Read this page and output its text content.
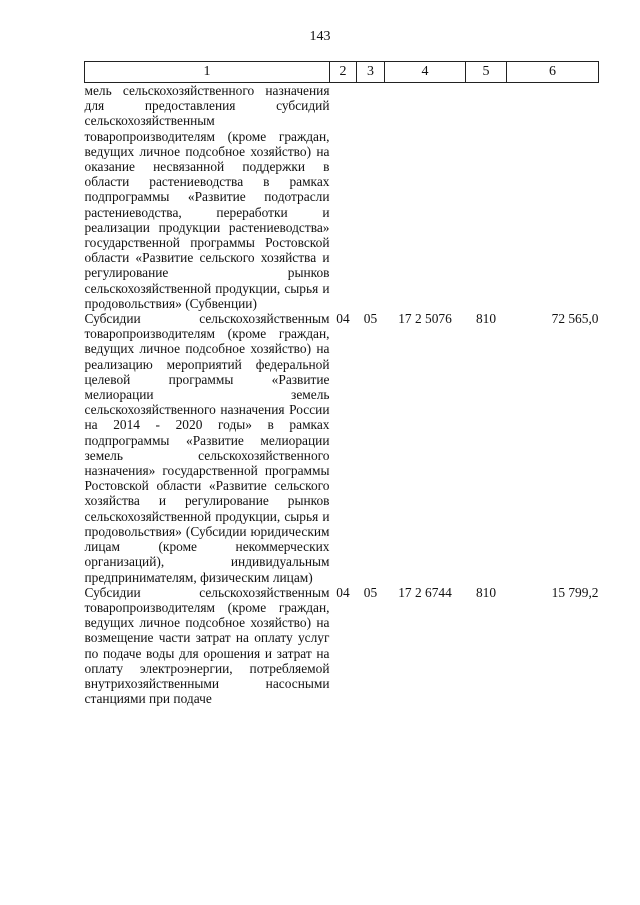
143
1	2	3	4	5	6
мель сельскохозяйственного назначения для предоставления субсидий сельскохозяйственным товаропроизводителям (кроме граждан, ведущих личное подсобное хозяйство) на оказание несвязанной поддержки в области растениеводства в рамках подпрограммы «Развитие подотрасли растениеводства, переработки и реализации продукции растениеводства» государственной программы Ростовской области «Развитие сельского хозяйства и регулирование рынков сельскохозяйственной продукции, сырья и продовольствия» (Субвенции)					
Субсидии сельскохозяйственным товаропроизводителям (кроме граждан, ведущих личное подсобное хозяйство) на реализацию мероприятий федеральной целевой программы «Развитие мелиорации земель сельскохозяйственного назначения России на 2014 - 2020 годы» в рамках подпрограммы «Развитие мелиорации земель сельскохозяйственного назначения» государственной программы Ростовской области «Развитие сельского хозяйства и регулирование рынков сельскохозяйственной продукции, сырья и продовольствия» (Субсидии юридическим лицам (кроме некоммерческих организаций), индивидуальным предпринимателям, физическим лицам)	04	05	17 2 5076	810	72 565,0
Субсидии сельскохозяйственным товаропроизводителям (кроме граждан, ведущих личное подсобное хозяйство) на возмещение части затрат на оплату услуг по подаче воды для орошения и затрат на оплату электроэнергии, потребляемой внутрихозяйственными насосными станциями при подаче	04	05	17 2 6744	810	15 799,2
